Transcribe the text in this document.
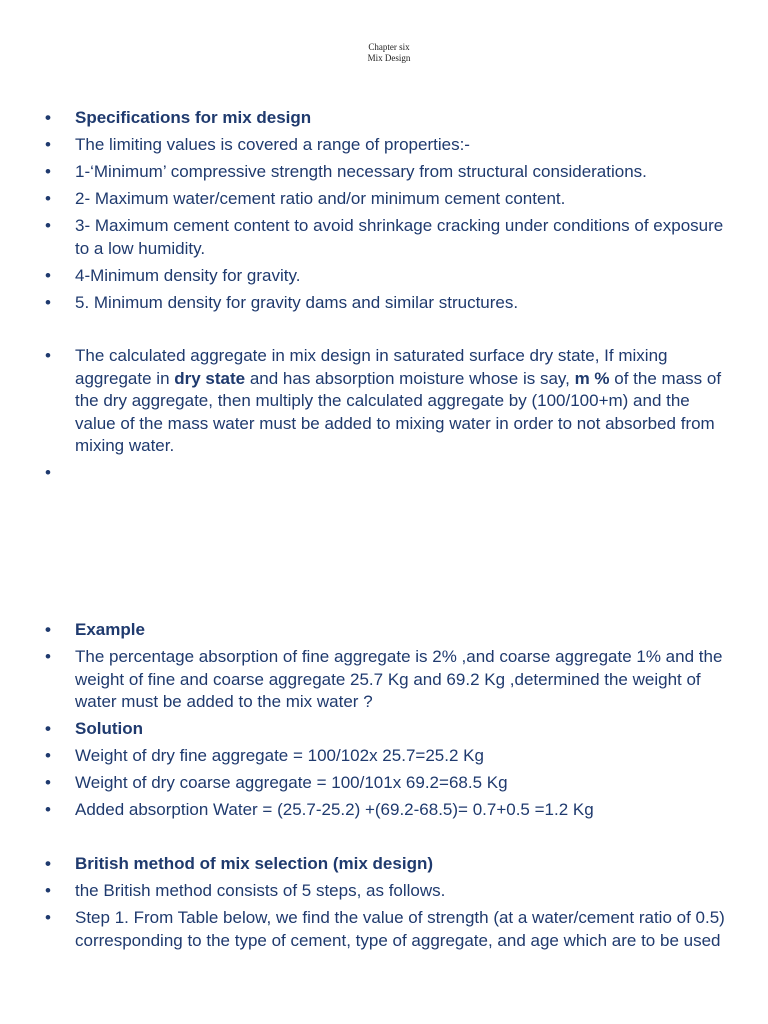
Chapter six
Mix Design
• Specifications for mix design
• The limiting values is covered a range of properties:-
• 1-‘Minimum’ compressive strength necessary from structural considerations.
• 2- Maximum water/cement ratio and/or minimum cement content.
• 3- Maximum cement content to avoid shrinkage cracking under conditions of exposure to a low humidity.
• 4-Minimum density for gravity.
• 5. Minimum density for gravity dams and similar structures.
• The calculated aggregate in mix design in saturated surface dry state, If mixing aggregate in dry state and has absorption moisture whose is say, m % of the mass of the dry aggregate, then multiply the calculated aggregate by (100/100+m) and the value of the mass water must be added to mixing water in order to not absorbed from mixing water.
• Example
• The percentage absorption of fine aggregate is 2% ,and coarse aggregate 1% and the weight of fine and coarse aggregate 25.7 Kg and 69.2 Kg ,determined the weight of water must be added to the mix water ?
• Solution
• Weight of dry fine aggregate = 100/102x 25.7=25.2 Kg
• Weight of dry coarse aggregate = 100/101x 69.2=68.5 Kg
• Added absorption Water = (25.7-25.2) +(69.2-68.5)= 0.7+0.5 =1.2 Kg
• British method of mix selection (mix design)
• the British method consists of 5 steps, as follows.
• Step 1. From Table below, we find the value of strength (at a water/cement ratio of 0.5) corresponding to the type of cement, type of aggregate, and age which are to be used
